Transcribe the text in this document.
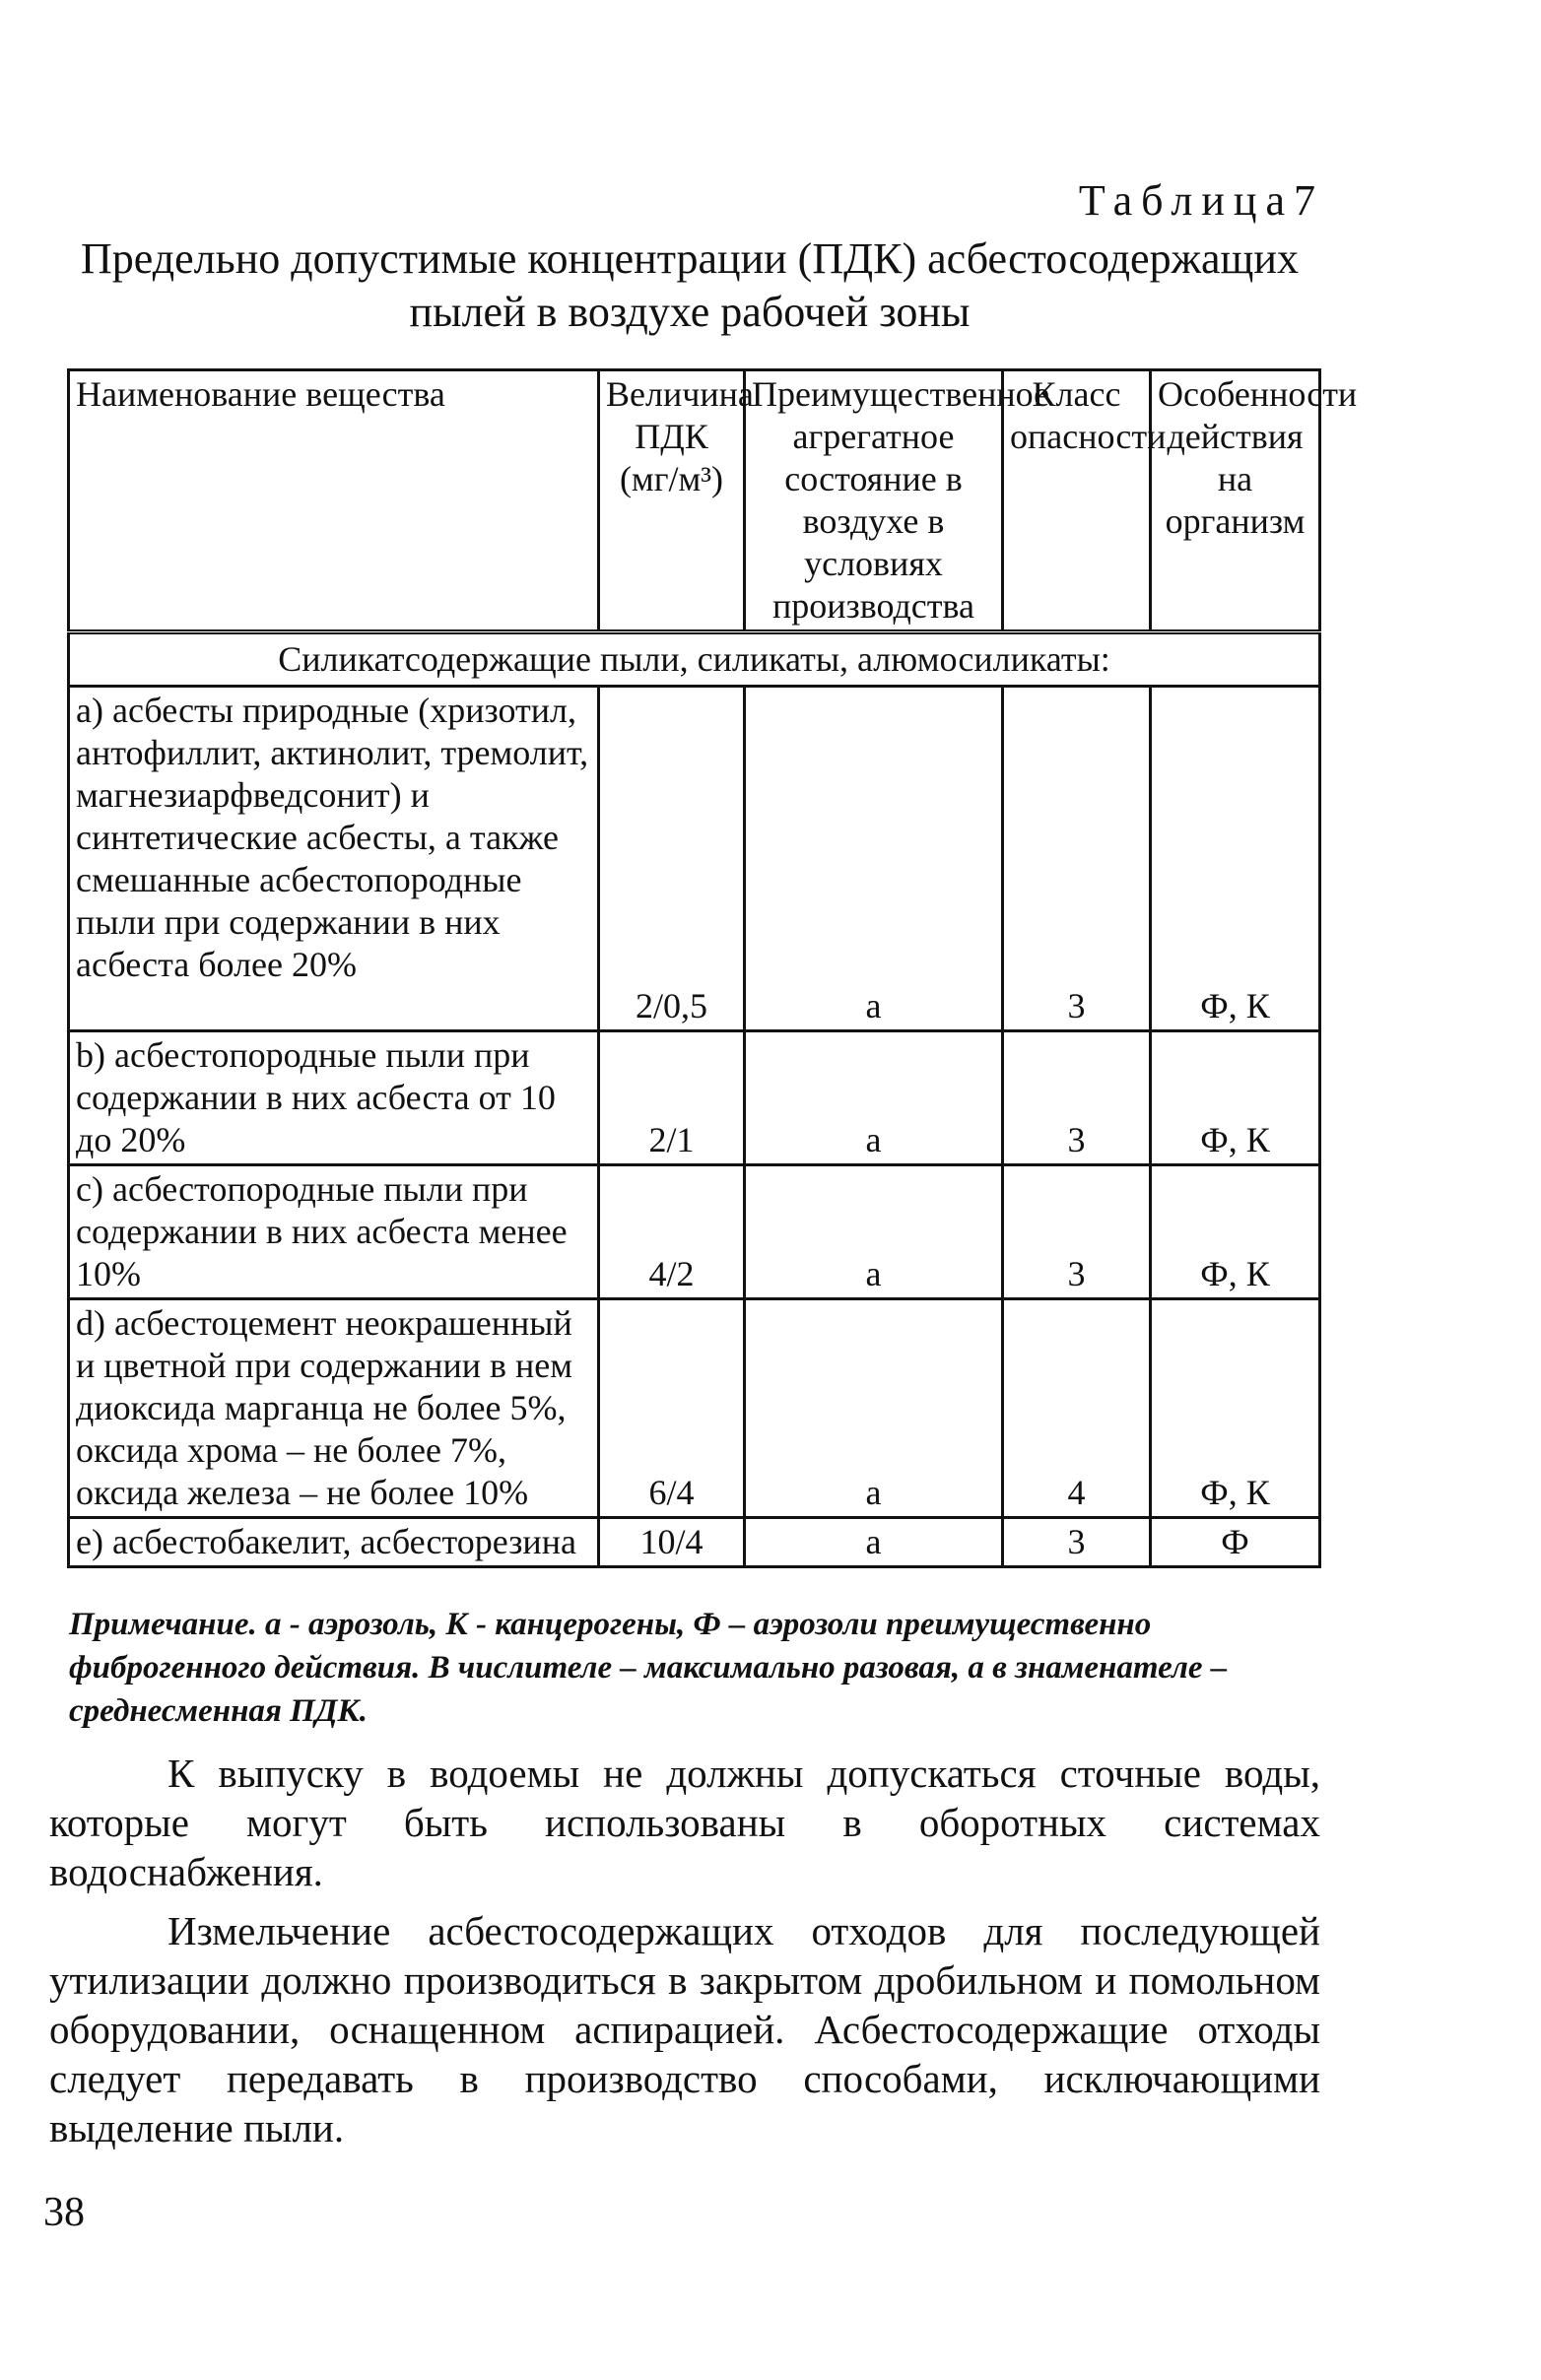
Таблица7
Предельно допустимые концентрации (ПДК) асбестосодержащих пылей в воздухе рабочей зоны
Наименование вещества	Величина ПДК (мг/м³)	Преимущественное агрегатное состояние в воздухе в условиях производства	Класс опасности	Особенности действия на организм
Силикатсодержащие пыли, силикаты, алюмосиликаты:				
а) асбесты природные (хризотил, антофиллит, актинолит, тремолит, магнезиарфведсонит) и синтетические асбесты, а также смешанные асбестопородные пыли при содержании в них асбеста более 20%	2/0,5	а	3	Ф, К
b) асбестопородные пыли при содержании в них асбеста от 10 до 20%	2/1	а	3	Ф, К
c) асбестопородные пыли при содержании в них асбеста менее 10%	4/2	а	3	Ф, К
d) асбестоцемент неокрашенный и цветной при содержании в нем диоксида марганца не более 5%, оксида хрома – не более 7%, оксида железа – не более 10%	6/4	а	4	Ф, К
e) асбестобакелит, асбесторезина	10/4	а	3	Ф
Примечание. а - аэрозоль, К - канцерогены, Ф – аэрозоли преимущественно фиброгенного действия. В числителе – максимально разовая, а в знаменателе – среднесменная ПДК.
К выпуску в водоемы не должны допускаться сточные воды, которые могут быть использованы в оборотных системах водоснабжения.
Измельчение асбестосодержащих отходов для последующей утилизации должно производиться в закрытом дробильном и помольном оборудовании, оснащенном аспирацией. Асбестосодержащие отходы следует передавать в производство способами, исключающими выделение пыли.
38
